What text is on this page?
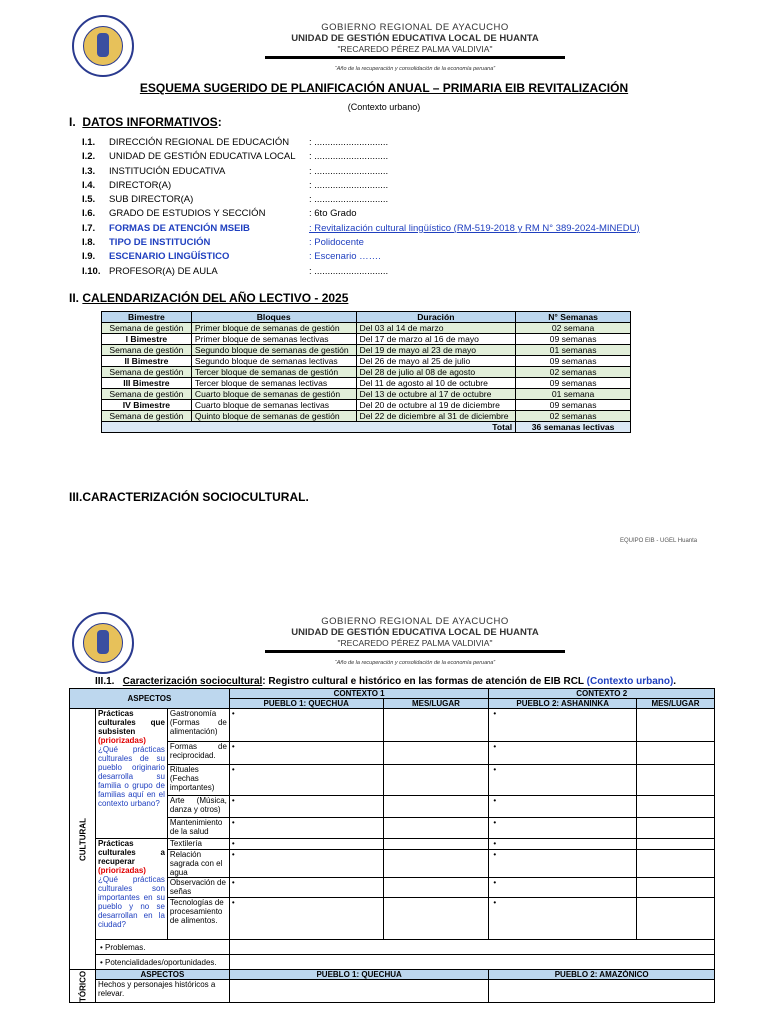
GOBIERNO REGIONAL DE AYACUCHO
UNIDAD DE GESTIÓN EDUCATIVA LOCAL DE HUANTA
"RECAREDO PÉREZ PALMA VALDIVIA"
“Año de la recuperación y consolidación de la economía peruana”
ESQUEMA SUGERIDO DE PLANIFICACIÓN ANUAL – PRIMARIA EIB REVITALIZACIÓN
(Contexto urbano)
I. DATOS INFORMATIVOS:
I.1.	DIRECCIÓN REGIONAL DE EDUCACIÓN	: ............................
I.2.	UNIDAD DE GESTIÓN EDUCATIVA LOCAL	: ............................
I.3.	INSTITUCIÓN EDUCATIVA	: ............................
I.4.	DIRECTOR(A)	: ............................
I.5.	SUB DIRECTOR(A)	: ............................
I.6.	GRADO DE ESTUDIOS Y SECCIÓN	: 6to Grado
I.7.	FORMAS DE ATENCIÓN MSEIB	: Revitalización cultural lingüístico (RM-519-2018 y RM N° 389-2024-MINEDU)
I.8.	TIPO DE INSTITUCIÓN	: Polidocente
I.9.	ESCENARIO LINGÜÍSTICO	: Escenario …….
I.10. PROFESOR(A) DE AULA	: ............................
II. CALENDARIZACIÓN DEL AÑO LECTIVO - 2025
Bimestre	Bloques	Duración	N° Semanas
Semana de gestión	Primer bloque de semanas de gestión	Del 03 al 14 de marzo	02 semana
I Bimestre	Primer bloque de semanas lectivas	Del 17 de marzo al 16 de mayo	09 semanas
Semana de gestión	Segundo bloque de semanas de gestión	Del 19 de mayo al 23 de mayo	01 semanas
II Bimestre	Segundo bloque de semanas lectivas	Del 26 de mayo al 25 de julio	09 semanas
Semana de gestión	Tercer bloque de semanas de gestión	Del 28 de julio al 08 de agosto	02 semanas
III Bimestre	Tercer bloque de semanas lectivas	Del 11 de agosto al 10 de octubre	09 semanas
Semana de gestión	Cuarto bloque de semanas de gestión	Del 13 de octubre al 17 de octubre	01 semana
IV Bimestre	Cuarto bloque de semanas lectivas	Del 20 de octubre al 19 de diciembre	09 semanas
Semana de gestión	Quinto bloque de semanas de gestión	Del 22 de diciembre al 31 de diciembre	02 semanas
Total			36 semanas lectivas
III.CARACTERIZACIÓN SOCIOCULTURAL.
EQUIPO EIB - UGEL Huanta
GOBIERNO REGIONAL DE AYACUCHO
UNIDAD DE GESTIÓN EDUCATIVA LOCAL DE HUANTA
"RECAREDO PÉREZ PALMA VALDIVIA"
“Año de la recuperación y consolidación de la economía peruana”
III.1. Caracterización sociocultural: Registro cultural e histórico en las formas de atención de EIB RCL (Contexto urbano).
ASPECTOS			CONTEXTO 1		CONTEXTO 2	
			PUEBLO 1: QUECHUA	MES/LUGAR	PUEBLO 2: ASHANINKA	MES/LUGAR
CULTURAL	Prácticas culturales que subsisten
(priorizadas)
¿Qué prácticas culturales de su pueblo originario desarrolla su familia o grupo de familias aquí en el contexto urbano?	Gastronomía (Formas de alimentación)	•		•	
		Formas de reciprocidad.	•		•	
		Rituales (Fechas importantes)	•		•	
		Arte (Música, danza y otros)	•		•	
		Mantenimiento de la salud	•		•	
	Prácticas culturales a recuperar
(priorizadas)
¿Qué prácticas culturales son importantes en su pueblo y no se desarrollan en la ciudad?	Textilería	•		•	
		Relación sagrada con el agua	•		•	
		Observación de señas	•		•	
		Tecnologías de procesamiento de alimentos.	•		•	
	• Problemas.					
	• Potencialidades/oportunidades.					
TÓRICO	ASPECTOS		PUEBLO 1: QUECHUA		PUEBLO 2: AMAZÓNICO	
	Hechos y personajes históricos a relevar.					
